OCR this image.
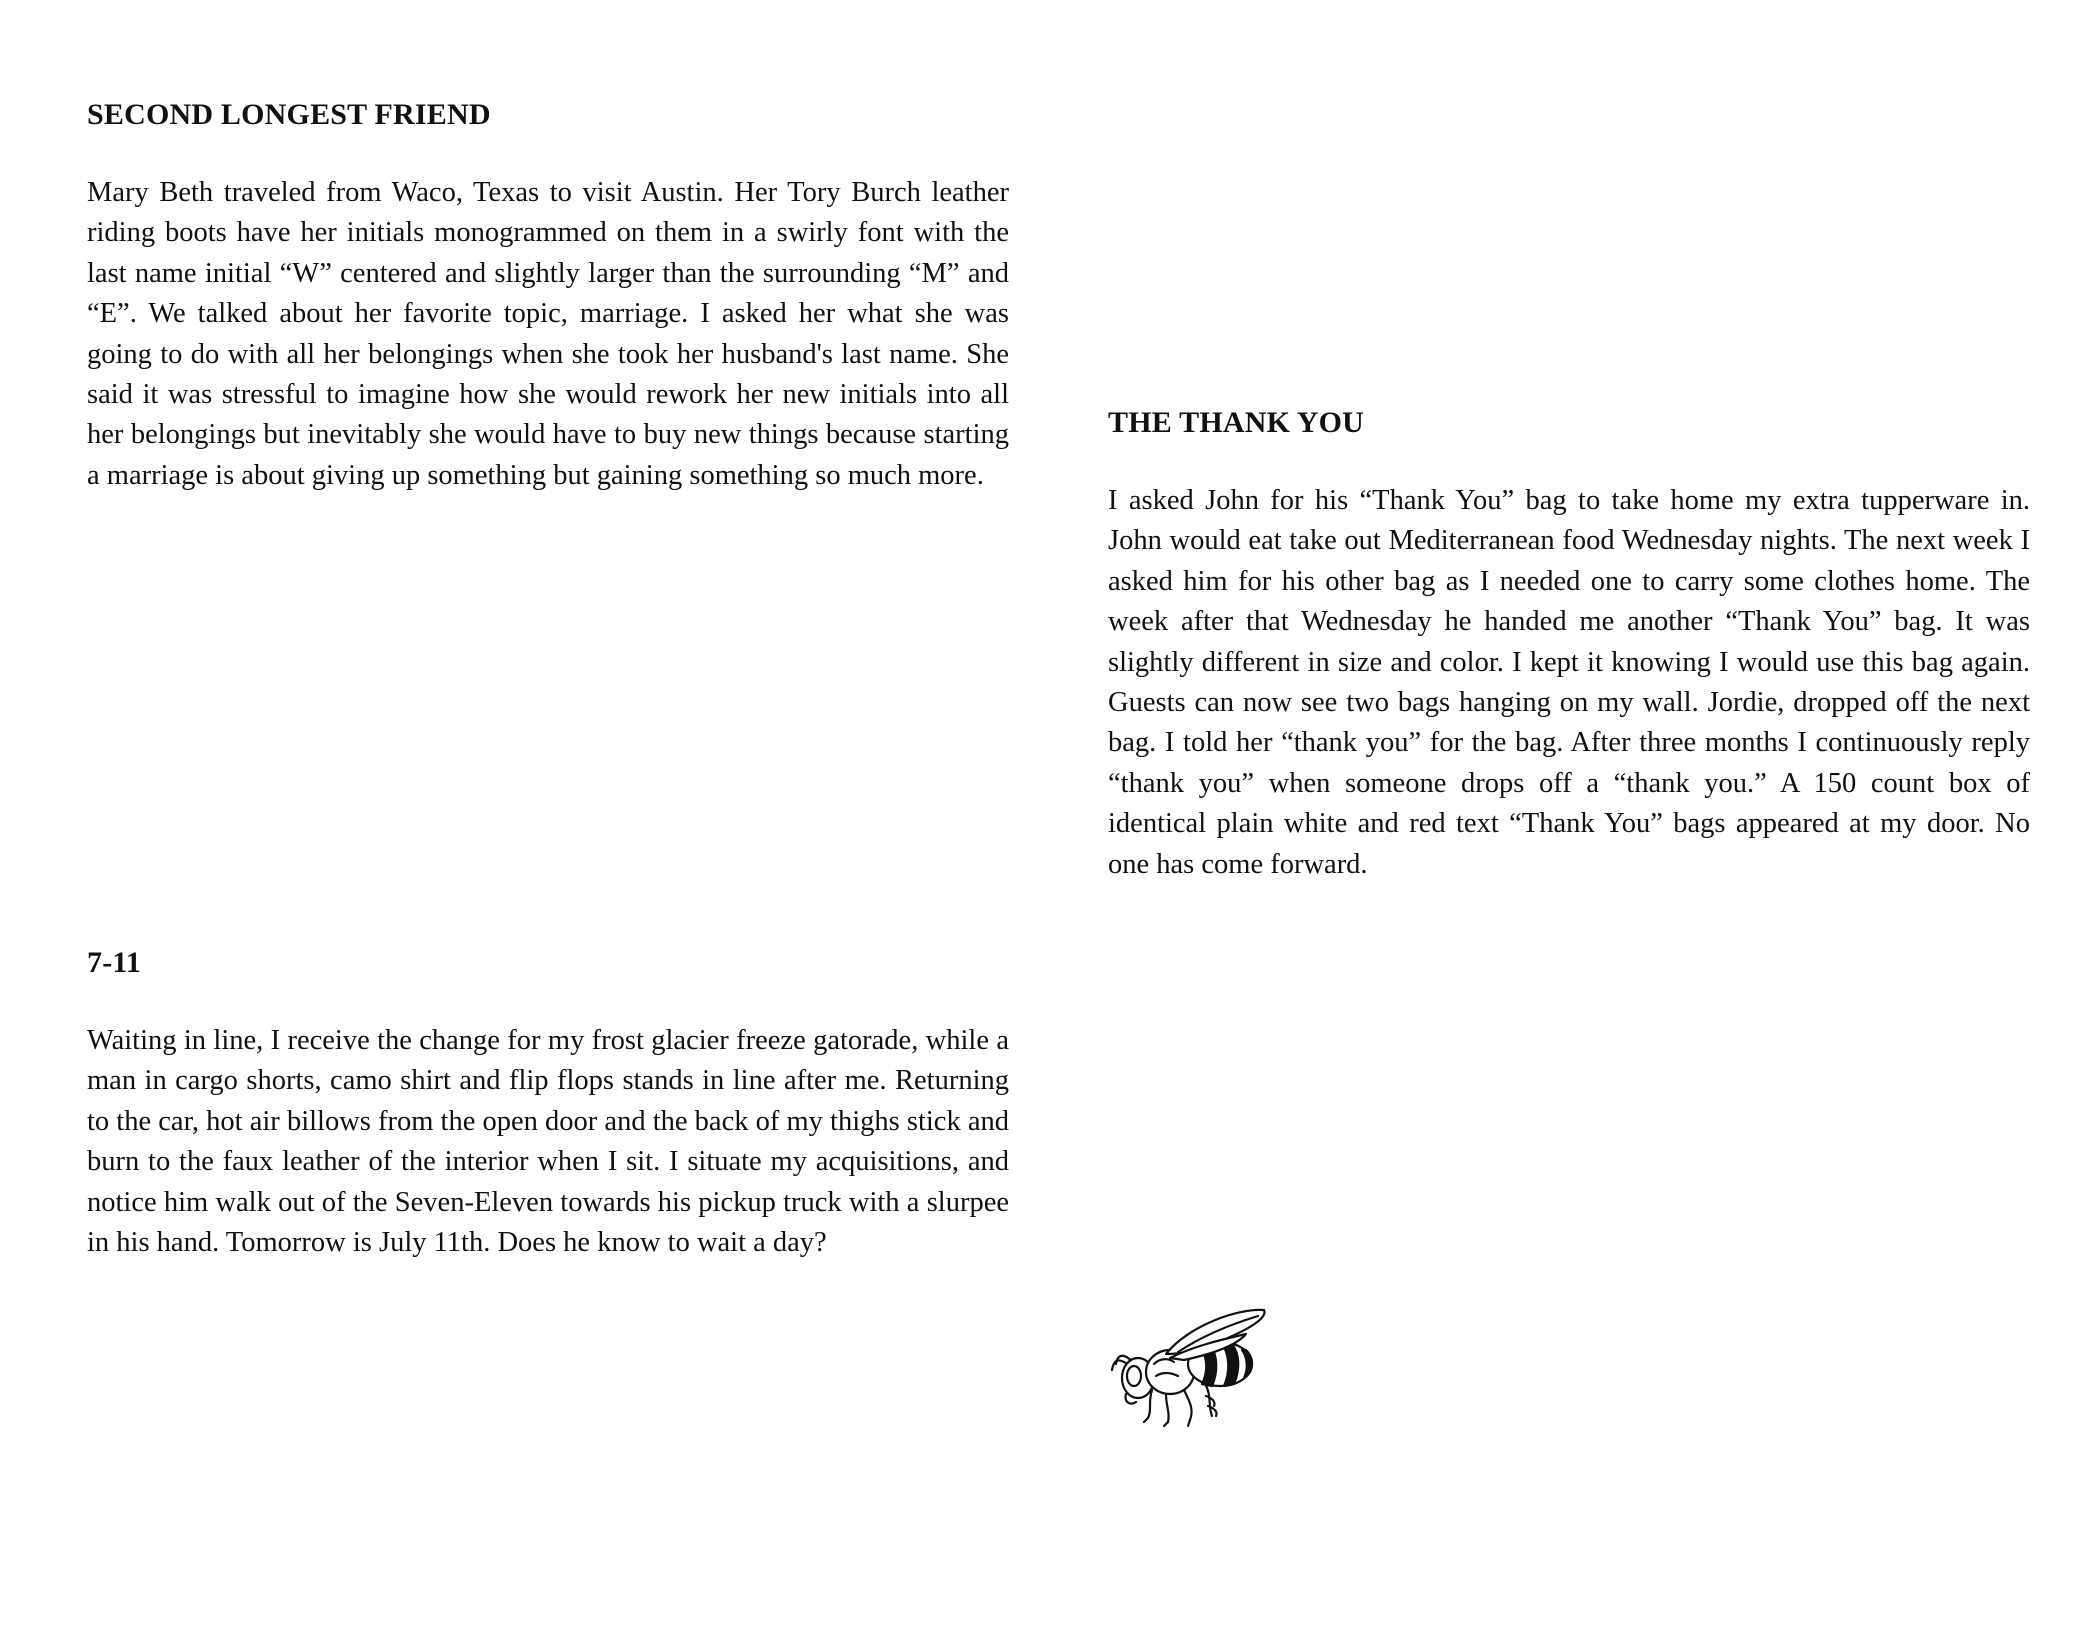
SECOND LONGEST FRIEND

Mary Beth traveled from Waco, Texas to visit Austin. Her Tory Burch leather riding boots have her initials monogrammed on them in a swirly font with the last name initial “W” centered and slightly larger than the surrounding “M” and “E”. We talked about her favorite topic, marriage. I asked her what she was going to do with all her belongings when she took her husband's last name. She said it was stressful to imagine how she would rework her new initials into all her belongings but inevitably she would have to buy new things because starting a marriage is about giving up something but gaining something so much more.

THE THANK YOU

I asked John for his “Thank You” bag to take home my extra tupperware in. John would eat take out Mediterranean food Wednesday nights. The next week I asked him for his other bag as I needed one to carry some clothes home. The week after that Wednesday he handed me another “Thank You” bag. It was slightly different in size and color. I kept it knowing I would use this bag again. Guests can now see two bags hanging on my wall. Jordie, dropped off the next bag. I told her “thank you” for the bag. After three months I continuously reply “thank you” when someone drops off a “thank you.” A 150 count box of identical plain white and red text “Thank You” bags appeared at my door. No one has come forward.

7-11

Waiting in line, I receive the change for my frost glacier freeze gatorade, while a man in cargo shorts, camo shirt and flip flops stands in line after me. Returning to the car, hot air billows from the open door and the back of my thighs stick and burn to the faux leather of the interior when I sit. I situate my acquisitions, and notice him walk out of the Seven-Eleven towards his pickup truck with a slurpee in his hand. Tomorrow is July 11th. Does he know to wait a day?
